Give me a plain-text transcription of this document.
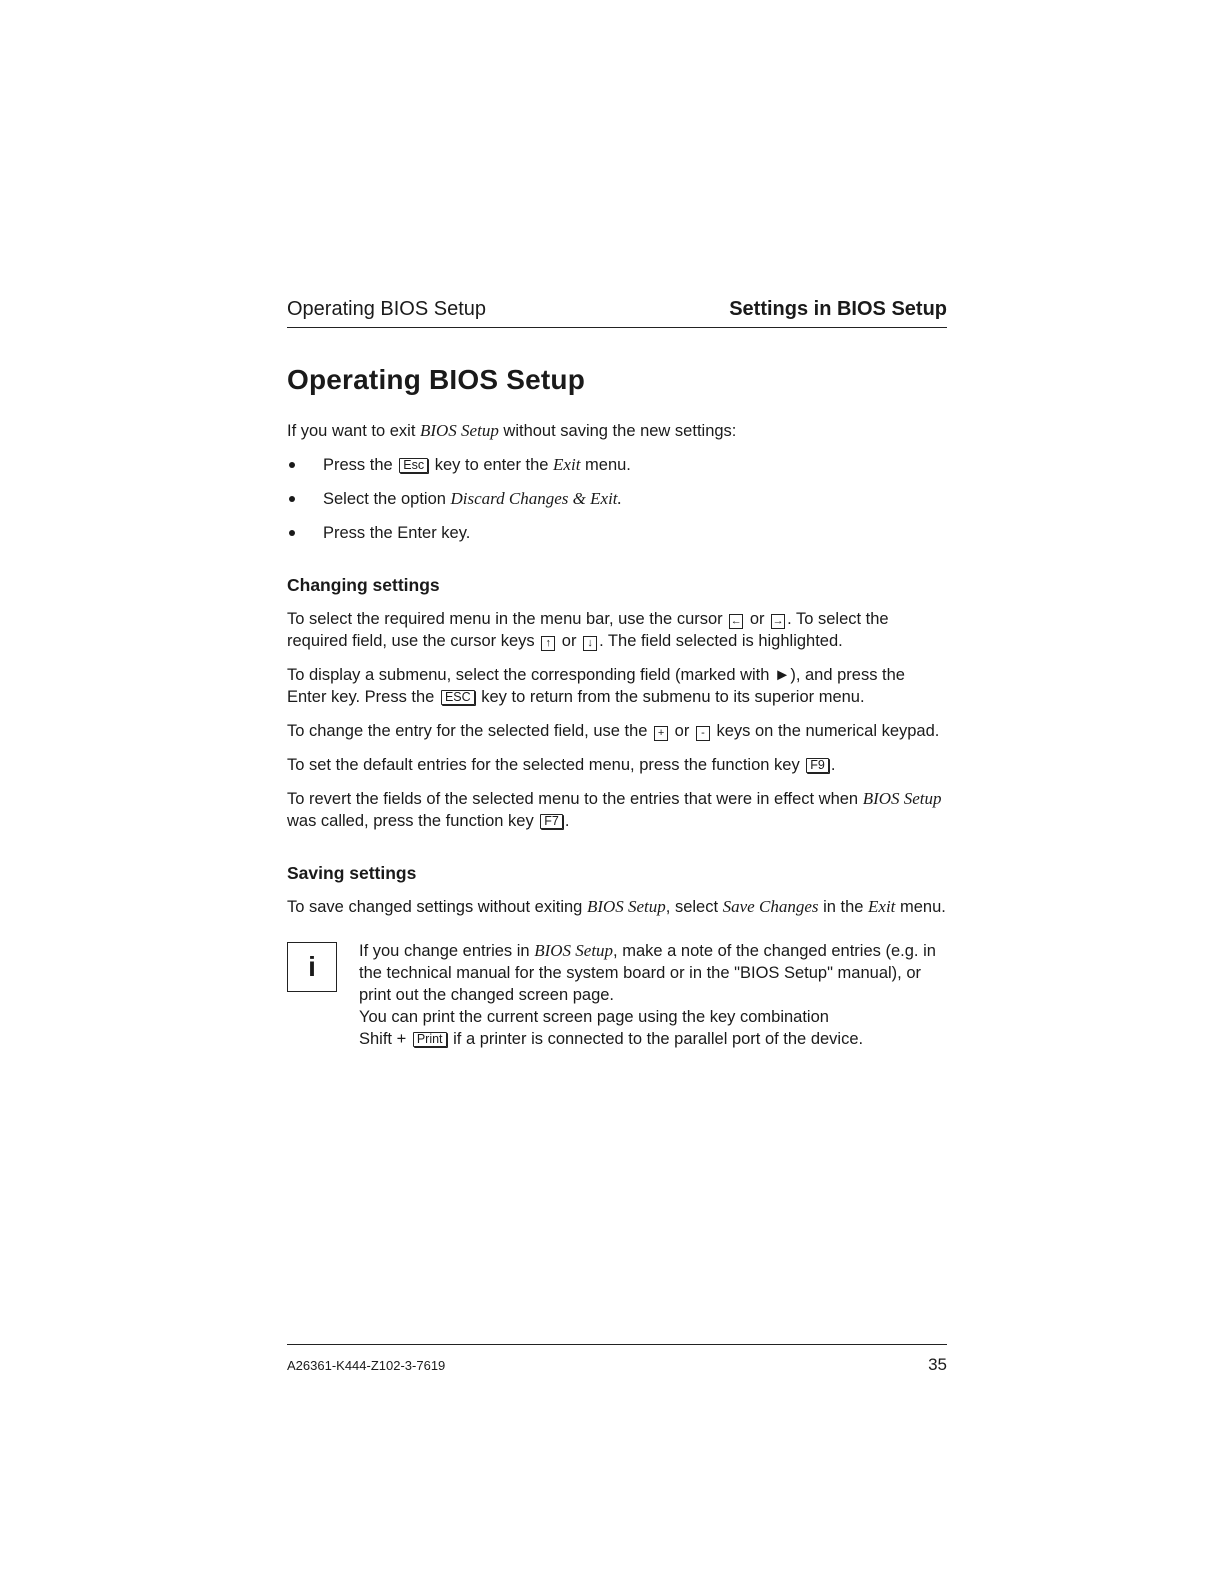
Operating BIOS Setup	Settings in BIOS Setup
Operating BIOS Setup

If you want to exit BIOS Setup without saving the new settings:

Press the Esc key to enter the Exit menu.
Select the option Discard Changes & Exit.
Press the Enter key.
Changing settings

To select the required menu in the menu bar, use the cursor ← or → . To select the required field, use the cursor keys ↑ or ↓ . The field selected is highlighted.

To display a submenu, select the corresponding field (marked with ►), and press the Enter key. Press the ESC key to return from the submenu to its superior menu.

To change the entry for the selected field, use the + or - keys on the numerical keypad.

To set the default entries for the selected menu, press the function key F9 .

To revert the fields of the selected menu to the entries that were in effect when BIOS Setup was called, press the function key F7 .

Saving settings

To save changed settings without exiting BIOS Setup, select Save Changes in the Exit menu.

i	If you change entries in BIOS Setup, make a note of the changed entries (e.g. in the technical manual for the system board or in the "BIOS Setup" manual), or print out the changed screen page.
You can print the current screen page using the key combination
Shift + Print if a printer is connected to the parallel port of the device.
A26361-K444-Z102-3-7619	35
